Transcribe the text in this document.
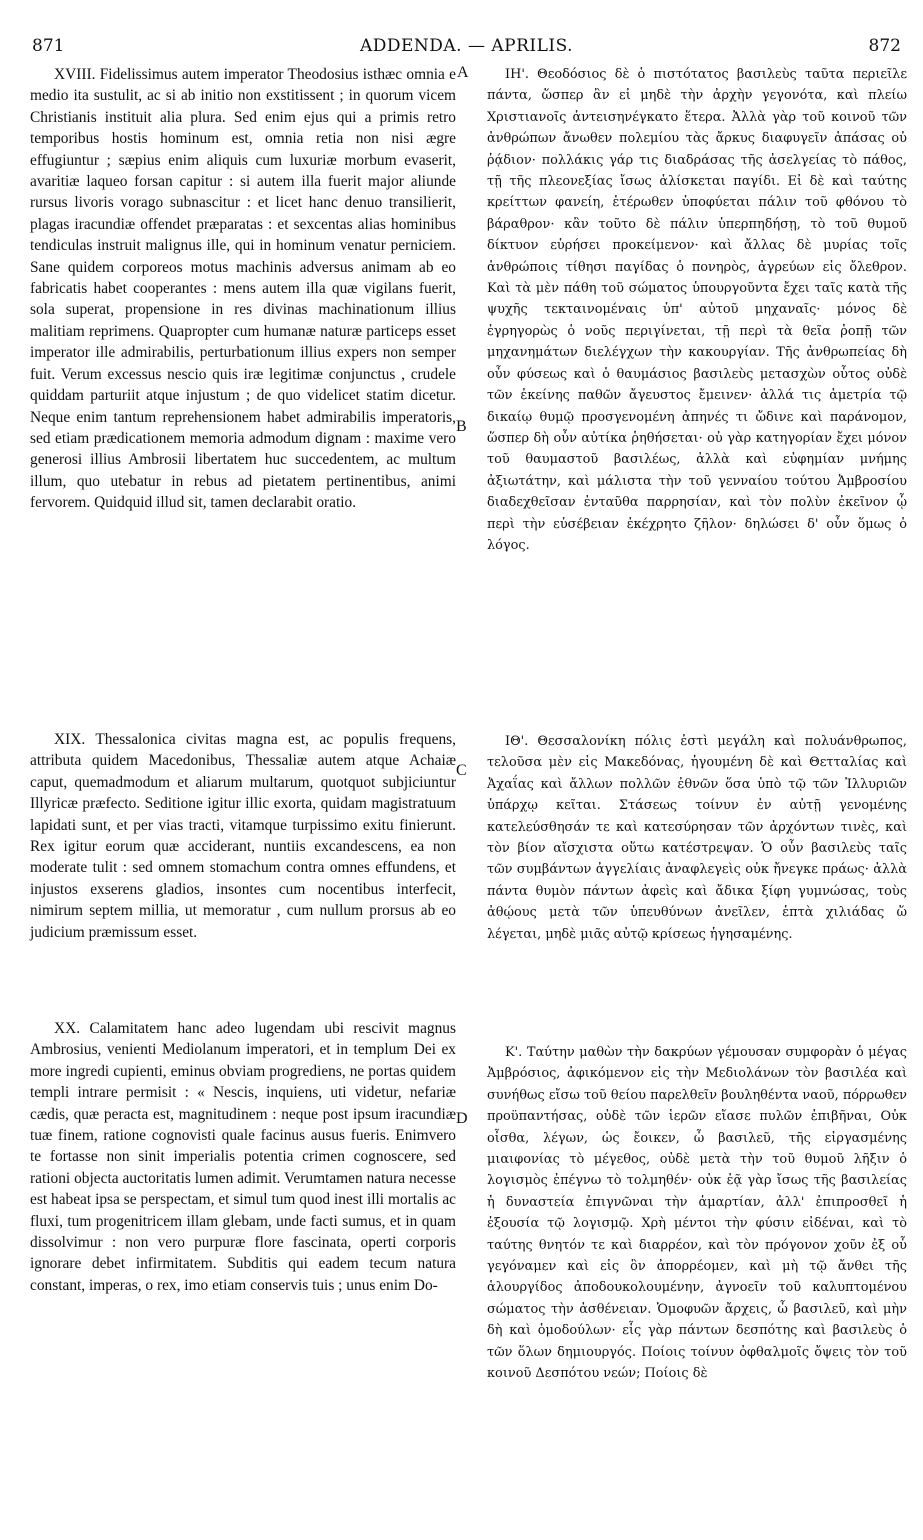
871	ADDENDA. — APRILIS.	872

XVIII. Fidelissimus autem imperator Theodosius isthæc omnia e medio ita sustulit, ac si ab initio non exstitissent ; in quorum vicem Christianis instituit alia plura. Sed enim ejus qui a primis retro temporibus hostis hominum est, omnia retia non nisi ægre effugiuntur ; sæpius enim aliquis cum luxuriæ morbum evaserit, avaritiæ laqueo forsan capitur : si autem illa fuerit major aliunde rursus livoris vorago subnascitur : et licet hanc denuo transilierit, plagas iracundiæ offendet præparatas : et sexcentas alias hominibus tendiculas instruit malignus ille, qui in hominum venatur perniciem. Sane quidem corporeos motus machinis adversus animam ab eo fabricatis habet cooperantes : mens autem illa quæ vigilans fuerit, sola superat, propensione in res divinas machinationum illius malitiam reprimens. Quapropter cum humanæ naturæ particeps esset imperator ille admirabilis, perturbationum illius expers non semper fuit. Verum excessus nescio quis iræ legitimæ conjunctus , crudele quiddam parturiit atque injustum ; de quo videlicet statim dicetur. Neque enim tantum reprehensionem habet admirabilis imperatoris, sed etiam prædicationem memoria admodum dignam : maxime vero generosi illius Ambrosii libertatem huc succedentem, ac multum illum, quo utebatur in rebus ad pietatem pertinentibus, animi fervorem. Quidquid illud sit, tamen declarabit oratio.

XIX. Thessalonica civitas magna est, ac populis frequens, attributa quidem Macedonibus, Thessaliæ autem atque Achaiæ caput, quemadmodum et aliarum multarum, quotquot subjiciuntur Illyricæ præfecto. Seditione igitur illic exorta, quidam magistratuum lapidati sunt, et per vias tracti, vitamque turpissimo exitu finierunt. Rex igitur eorum quæ acciderant, nuntiis excandescens, ea non moderate tulit : sed omnem stomachum contra omnes effundens, et injustos exserens gladios, insontes cum nocentibus interfecit, nimirum septem millia, ut memoratur , cum nullum prorsus ab eo judicium præmissum esset.

XX. Calamitatem hanc adeo lugendam ubi rescivit magnus Ambrosius, venienti Mediolanum imperatori, et in templum Dei ex more ingredi cupienti, eminus obviam progrediens, ne portas quidem templi intrare permisit : « Nescis, inquiens, uti videtur, nefariæ cædis, quæ peracta est, magnitudinem : neque post ipsum iracundiæ tuæ finem, ratione cognovisti quale facinus ausus fueris. Enimvero te fortasse non sinit imperialis potentia crimen cognoscere, sed rationi objecta auctoritatis lumen adimit. Verumtamen natura necesse est habeat ipsa se perspectam, et simul tum quod inest illi mortalis ac fluxi, tum progenitricem illam glebam, unde facti sumus, et in quam dissolvimur : non vero purpuræ flore fascinata, operti corporis ignorare debet infirmitatem. Subditis qui eadem tecum natura constant, imperas, o rex, imo etiam conservis tuis ; unus enim Do-

A
B
C
D

ΙΗ'. Θεοδόσιος δὲ ὁ πιστότατος βασιλεὺς ταῦτα περιεῖλε πάντα, ὥσπερ ἂν εἰ μηδὲ τὴν ἀρχὴν γεγονότα, καὶ πλείω Χριστιανοῖς ἀντεισηνέγκατο ἕτερα. Ἀλλὰ γὰρ τοῦ κοινοῦ τῶν ἀνθρώπων ἄνωθεν πολεμίου τὰς ἄρκυς διαφυγεῖν ἁπάσας οὐ ῥᾴδιον· πολλάκις γάρ τις διαδράσας τῆς ἀσελγείας τὸ πάθος, τῇ τῆς πλεονεξίας ἴσως ἁλίσκεται παγίδι. Εἰ δὲ καὶ ταύτης κρείττων φανείη, ἑτέρωθεν ὑποφύεται πάλιν τοῦ φθόνου τὸ βάραθρον· κἂν τοῦτο δὲ πάλιν ὑπερπηδήσῃ, τὸ τοῦ θυμοῦ δίκτυον εὑρήσει προκείμενον· καὶ ἄλλας δὲ μυρίας τοῖς ἀνθρώποις τίθησι παγίδας ὁ πονηρὸς, ἀγρεύων εἰς ὄλεθρον. Καὶ τὰ μὲν πάθη τοῦ σώματος ὑπουργοῦντα ἔχει ταῖς κατὰ τῆς ψυχῆς τεκταινομέναις ὑπ' αὐτοῦ μηχαναῖς· μόνος δὲ ἐγρηγορὼς ὁ νοῦς περιγίνεται, τῇ περὶ τὰ θεῖα ῥοπῇ τῶν μηχανημάτων διελέγχων τὴν κακουργίαν. Τῆς ἀνθρωπείας δὴ οὖν φύσεως καὶ ὁ θαυμάσιος βασιλεὺς μετασχὼν οὗτος οὐδὲ τῶν ἐκείνης παθῶν ἄγευστος ἔμεινεν· ἀλλά τις ἀμετρία τῷ δικαίῳ θυμῷ προσγενομένη ἀπηνές τι ὤδινε καὶ παράνομον, ὥσπερ δὴ οὖν αὐτίκα ῥηθήσεται· οὐ γὰρ κατηγορίαν ἔχει μόνον τοῦ θαυμαστοῦ βασιλέως, ἀλλὰ καὶ εὐφημίαν μνήμης ἀξιωτάτην, καὶ μάλιστα τὴν τοῦ γενναίου τούτου Ἀμβροσίου διαδεχθεῖσαν ἐνταῦθα παρρησίαν, καὶ τὸν πολὺν ἐκεῖνον ᾧ περὶ τὴν εὐσέβειαν ἐκέχρητο ζῆλον· δηλώσει δ' οὖν ὅμως ὁ λόγος.

ΙΘ'. Θεσσαλονίκη πόλις ἐστὶ μεγάλη καὶ πολυάνθρωπος, τελοῦσα μὲν εἰς Μακεδόνας, ἡγουμένη δὲ καὶ Θετταλίας καὶ Ἀχαΐας καὶ ἄλλων πολλῶν ἐθνῶν ὅσα ὑπὸ τῷ τῶν Ἰλλυριῶν ὑπάρχῳ κεῖται. Στάσεως τοίνυν ἐν αὐτῇ γενομένης κατελεύσθησάν τε καὶ κατεσύρησαν τῶν ἀρχόντων τινὲς, καὶ τὸν βίον αἴσχιστα οὕτω κατέστρεψαν. Ὁ οὖν βασιλεὺς ταῖς τῶν συμβάντων ἀγγελίαις ἀναφλεγεὶς οὐκ ἤνεγκε πράως· ἀλλὰ πάντα θυμὸν πάντων ἀφεὶς καὶ ἄδικα ξίφη γυμνώσας, τοὺς ἀθῴους μετὰ τῶν ὑπευθύνων ἀνεῖλεν, ἑπτὰ χιλιάδας ὥ λέγεται, μηδὲ μιᾶς αὐτῷ κρίσεως ἡγησαμένης.

Κ'. Ταύτην μαθὼν τὴν δακρύων γέμουσαν συμφορὰν ὁ μέγας Ἀμβρόσιος, ἀφικόμενον εἰς τὴν Μεδιολάνων τὸν βασιλέα καὶ συνήθως εἴσω τοῦ θείου παρελθεῖν βουληθέντα ναοῦ, πόρρωθεν προϋπαντήσας, οὐδὲ τῶν ἱερῶν εἴασε πυλῶν ἐπιβῆναι, Οὐκ οἶσθα, λέγων, ὡς ἔοικεν, ὦ βασιλεῦ, τῆς εἰργασμένης μιαιφονίας τὸ μέγεθος, οὐδὲ μετὰ τὴν τοῦ θυμοῦ λῆξιν ὁ λογισμὸς ἐπέγνω τὸ τολμηθέν· οὐκ ἐᾷ γὰρ ἴσως τῆς βασιλείας ἡ δυναστεία ἐπιγνῶναι τὴν ἁμαρτίαν, ἀλλ' ἐπιπροσθεῖ ἡ ἐξουσία τῷ λογισμῷ. Χρὴ μέντοι τὴν φύσιν εἰδέναι, καὶ τὸ ταύτης θνητόν τε καὶ διαρρέον, καὶ τὸν πρόγονον χοῦν ἐξ οὗ γεγόναμεν καὶ εἰς ὃν ἀπορρέομεν, καὶ μὴ τῷ ἄνθει τῆς ἁλουργίδος ἀποδουκολουμένην, ἀγνοεῖν τοῦ καλυπτομένου σώματος τὴν ἀσθένειαν. Ὁμοφυῶν ἄρχεις, ὦ βασιλεῦ, καὶ μὴν δὴ καὶ ὁμοδούλων· εἷς γὰρ πάντων δεσπότης καὶ βασιλεὺς ὁ τῶν ὅλων δημιουργός. Ποίοις τοίνυν ὀφθαλμοῖς ὄψεις τὸν τοῦ κοινοῦ Δεσπότου νεών; Ποίοις δὲ
